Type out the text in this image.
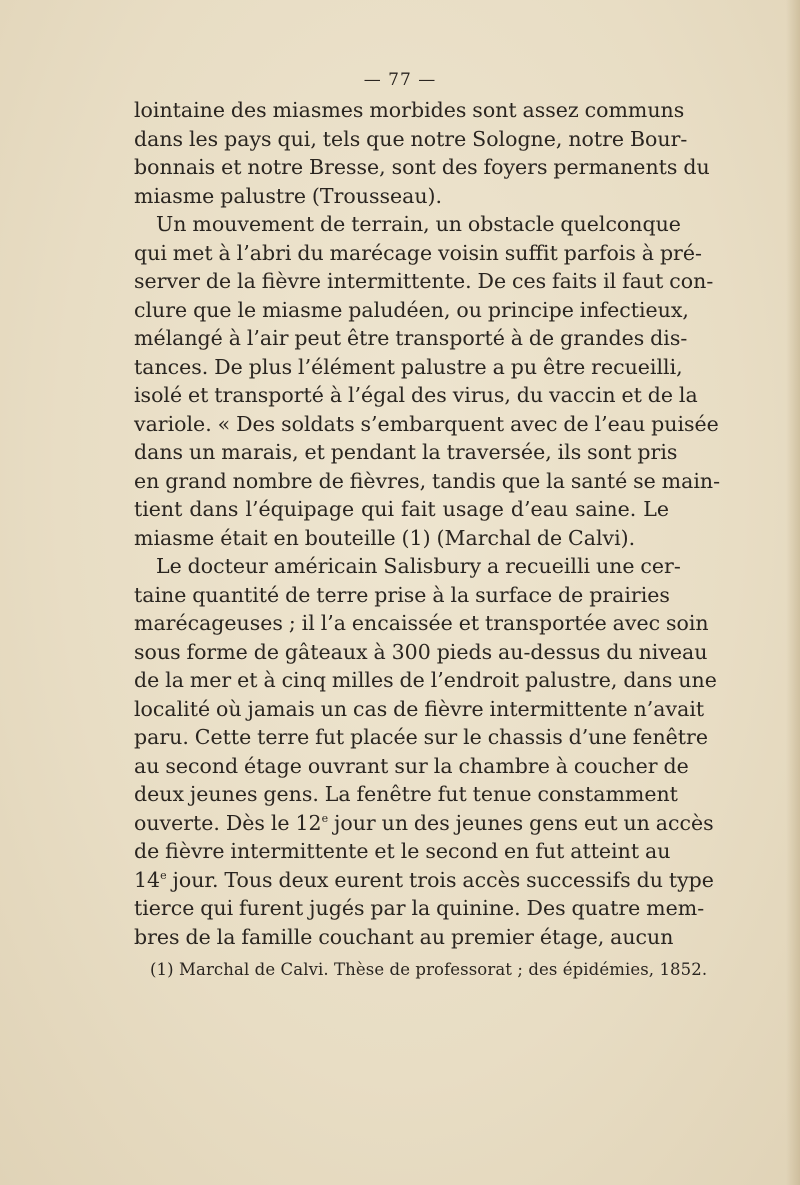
— 77 —
lointaine des miasmes morbides sont assez communs
dans les pays qui, tels que notre Sologne, notre Bour-
bonnais et notre Bresse, sont des foyers permanents du
miasme palustre (Trousseau).
Un mouvement de terrain, un obstacle quelconque
qui met à l’abri du marécage voisin suffit parfois à pré-
server de la fièvre intermittente. De ces faits il faut con-
clure que le miasme paludéen, ou principe infectieux,
mélangé à l’air peut être transporté à de grandes dis-
tances. De plus l’élément palustre a pu être recueilli,
isolé et transporté à l’égal des virus, du vaccin et de la
variole. « Des soldats s’embarquent avec de l’eau puisée
dans un marais, et pendant la traversée, ils sont pris
en grand nombre de fièvres, tandis que la santé se main-
tient dans l’équipage qui fait usage d’eau saine. Le
miasme était en bouteille (1) (Marchal de Calvi).
Le docteur américain Salisbury a recueilli une cer-
taine quantité de terre prise à la surface de prairies
marécageuses ; il l’a encaissée et transportée avec soin
sous forme de gâteaux à 300 pieds au-dessus du niveau
de la mer et à cinq milles de l’endroit palustre, dans une
localité où jamais un cas de fièvre intermittente n’avait
paru. Cette terre fut placée sur le chassis d’une fenêtre
au second étage ouvrant sur la chambre à coucher de
deux jeunes gens. La fenêtre fut tenue constamment
ouverte. Dès le 12e jour un des jeunes gens eut un accès
de fièvre intermittente et le second en fut atteint au
14e jour. Tous deux eurent trois accès successifs du type
tierce qui furent jugés par la quinine. Des quatre mem-
bres de la famille couchant au premier étage, aucun
(1) Marchal de Calvi. Thèse de professorat ; des épidémies, 1852.
